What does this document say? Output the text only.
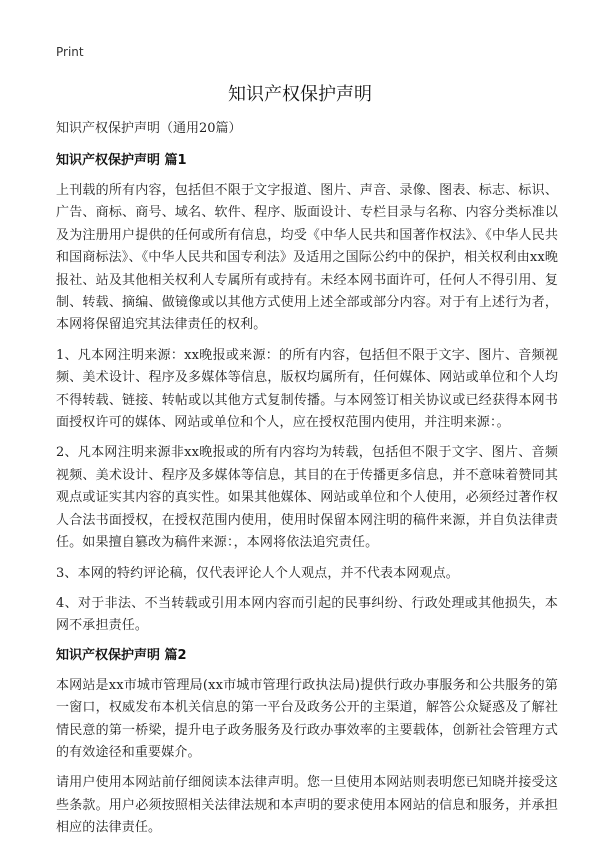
Print
知识产权保护声明

知识产权保护声明（通用20篇）

知识产权保护声明 篇1

上刊载的所有内容，包括但不限于文字报道、图片、声音、录像、图表、标志、标识、广告、商标、商号、域名、软件、程序、版面设计、专栏目录与名称、内容分类标准以及为注册用户提供的任何或所有信息，均受《中华人民共和国著作权法》、《中华人民共和国商标法》、《中华人民共和国专利法》及适用之国际公约中的保护，相关权利由xx晚报社、站及其他相关权利人专属所有或持有。未经本网书面许可，任何人不得引用、复制、转载、摘编、做镜像或以其他方式使用上述全部或部分内容。对于有上述行为者，本网将保留追究其法律责任的权利。

1、凡本网注明来源：xx晚报或来源：的所有内容，包括但不限于文字、图片、音频视频、美术设计、程序及多媒体等信息，版权均属所有，任何媒体、网站或单位和个人均不得转载、链接、转帖或以其他方式复制传播。与本网签订相关协议或已经获得本网书面授权许可的媒体、网站或单位和个人，应在授权范围内使用，并注明来源：。

2、凡本网注明来源非xx晚报或的所有内容均为转载，包括但不限于文字、图片、音频视频、美术设计、程序及多媒体等信息，其目的在于传播更多信息，并不意味着赞同其观点或证实其内容的真实性。如果其他媒体、网站或单位和个人使用，必须经过著作权人合法书面授权，在授权范围内使用，使用时保留本网注明的稿件来源，并自负法律责任。如果擅自篡改为稿件来源：，本网将依法追究责任。

3、本网的特约评论稿，仅代表评论人个人观点，并不代表本网观点。

4、对于非法、不当转载或引用本网内容而引起的民事纠纷、行政处理或其他损失，本网不承担责任。

知识产权保护声明 篇2

本网站是xx市城市管理局(xx市城市管理行政执法局)提供行政办事服务和公共服务的第一窗口，权威发布本机关信息的第一平台及政务公开的主渠道，解答公众疑惑及了解社情民意的第一桥梁，提升电子政务服务及行政办事效率的主要载体，创新社会管理方式的有效途径和重要媒介。

请用户使用本网站前仔细阅读本法律声明。您一旦使用本网站则表明您已知晓并接受这些条款。用户必须按照相关法律法规和本声明的要求使用本网站的信息和服务，并承担相应的法律责任。
